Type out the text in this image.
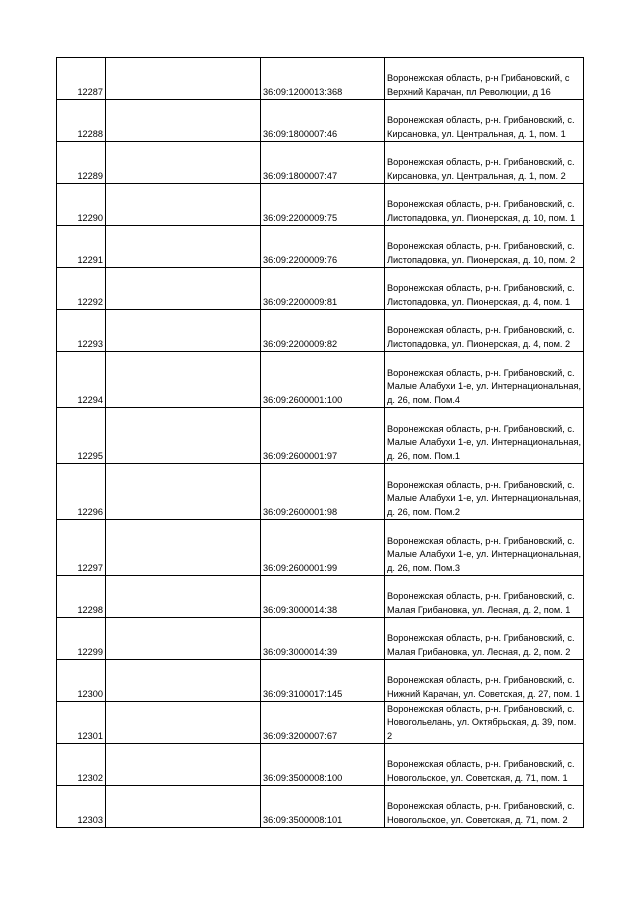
12287		36:09:1200013:368	Воронежская область, р-н Грибановский, с Верхний Карачан, пл Революции, д 16
12288		36:09:1800007:46	Воронежская область, р-н. Грибановский, с. Кирсановка, ул. Центральная, д. 1, пом. 1
12289		36:09:1800007:47	Воронежская область, р-н. Грибановский, с. Кирсановка, ул. Центральная, д. 1, пом. 2
12290		36:09:2200009:75	Воронежская область, р-н. Грибановский, с. Листопадовка, ул. Пионерская, д. 10, пом. 1
12291		36:09:2200009:76	Воронежская область, р-н. Грибановский, с. Листопадовка, ул. Пионерская, д. 10, пом. 2
12292		36:09:2200009:81	Воронежская область, р-н. Грибановский, с. Листопадовка, ул. Пионерская, д. 4, пом. 1
12293		36:09:2200009:82	Воронежская область, р-н. Грибановский, с. Листопадовка, ул. Пионерская, д. 4, пом. 2
12294		36:09:2600001:100	Воронежская область, р-н. Грибановский, с. Малые Алабухи 1-е, ул. Интернациональная, д. 26, пом. Пом.4
12295		36:09:2600001:97	Воронежская область, р-н. Грибановский, с. Малые Алабухи 1-е, ул. Интернациональная, д. 26, пом. Пом.1
12296		36:09:2600001:98	Воронежская область, р-н. Грибановский, с. Малые Алабухи 1-е, ул. Интернациональная, д. 26, пом. Пом.2
12297		36:09:2600001:99	Воронежская область, р-н. Грибановский, с. Малые Алабухи 1-е, ул. Интернациональная, д. 26, пом. Пом.3
12298		36:09:3000014:38	Воронежская область, р-н. Грибановский, с. Малая Грибановка, ул. Лесная, д. 2, пом. 1
12299		36:09:3000014:39	Воронежская область, р-н. Грибановский, с. Малая Грибановка, ул. Лесная, д. 2, пом. 2
12300		36:09:3100017:145	Воронежская область, р-н. Грибановский, с. Нижний Карачан, ул. Советская, д. 27, пом. 1
12301		36:09:3200007:67	Воронежская область, р-н. Грибановский, с. Новогольелань, ул. Октябрьская, д. 39, пом. 2
12302		36:09:3500008:100	Воронежская область, р-н. Грибановский, с. Новогольское, ул. Советская, д. 71, пом. 1
12303		36:09:3500008:101	Воронежская область, р-н. Грибановский, с. Новогольское, ул. Советская, д. 71, пом. 2
